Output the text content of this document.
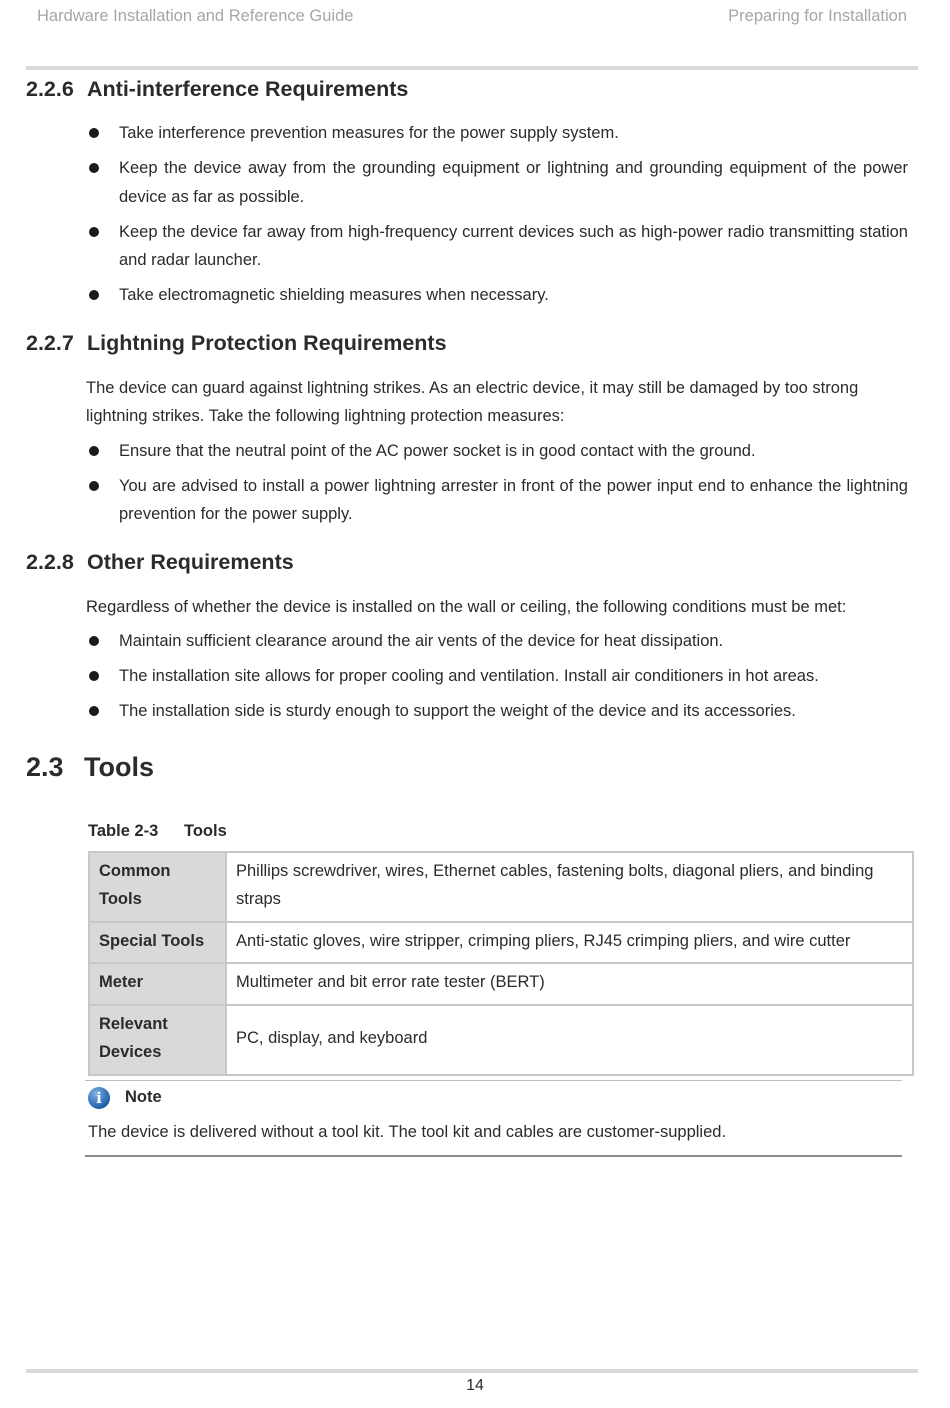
Hardware Installation and Reference Guide	Preparing for Installation
2.2.6 Anti-interference Requirements
Take interference prevention measures for the power supply system.
Keep the device away from the grounding equipment or lightning and grounding equipment of the power device as far as possible.
Keep the device far away from high-frequency current devices such as high-power radio transmitting station and radar launcher.
Take electromagnetic shielding measures when necessary.
2.2.7 Lightning Protection Requirements

The device can guard against lightning strikes. As an electric device, it may still be damaged by too strong lightning strikes. Take the following lightning protection measures:

Ensure that the neutral point of the AC power socket is in good contact with the ground.
You are advised to install a power lightning arrester in front of the power input end to enhance the lightning prevention for the power supply.
2.2.8 Other Requirements

Regardless of whether the device is installed on the wall or ceiling, the following conditions must be met:

Maintain sufficient clearance around the air vents of the device for heat dissipation.
The installation site allows for proper cooling and ventilation. Install air conditioners in hot areas.
The installation side is sturdy enough to support the weight of the device and its accessories.
2.3 Tools
Table 2-3 Tools
Common Tools	Phillips screwdriver, wires, Ethernet cables, fastening bolts, diagonal pliers, and binding straps
Special Tools	Anti-static gloves, wire stripper, crimping pliers, RJ45 crimping pliers, and wire cutter
Meter	Multimeter and bit error rate tester (BERT)
Relevant Devices	PC, display, and keyboard
i	Note
The device is delivered without a tool kit. The tool kit and cables are customer-supplied.
14
